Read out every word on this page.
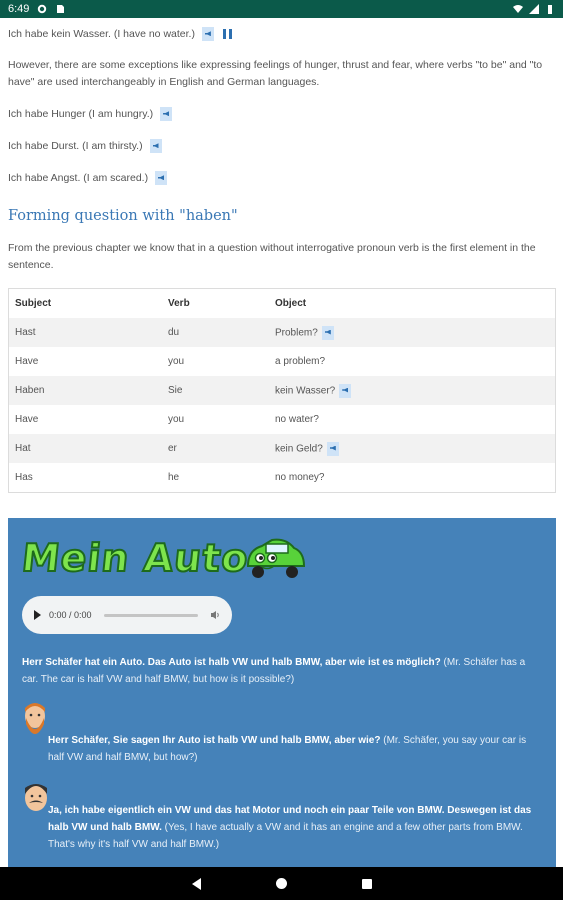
6:49
Ich habe kein Wasser. (I have no water.)
However, there are some exceptions like expressing feelings of hunger, thrust and fear, where verbs "to be" and "to have" are used interchangeably in English and German languages.
Ich habe Hunger (I am hungry.)
Ich habe Durst. (I am thirsty.)
Ich habe Angst. (I am scared.)
Forming question with "haben"
From the previous chapter we know that in a question without interrogative pronoun verb is the first element in the sentence.
Subject	Verb	Object
Hast	du	Problem?
Have	you	a problem?
Haben	Sie	kein Wasser?
Have	you	no water?
Hat	er	kein Geld?
Has	he	no money?
Mein Auto
0:00 / 0:00
Herr Schäfer hat ein Auto. Das Auto ist halb VW und halb BMW, aber wie ist es möglich? (Mr. Schäfer has a car. The car is half VW and half BMW, but how is it possible?)
Herr Schäfer, Sie sagen Ihr Auto ist halb VW und halb BMW, aber wie? (Mr. Schäfer, you say your car is half VW and half BMW, but how?)
Ja, ich habe eigentlich ein VW und das hat Motor und noch ein paar Teile von BMW. Deswegen ist das halb VW und halb BMW. (Yes, I have actually a VW and it has an engine and a few other parts from BMW. That's why it's half VW and half BMW.)
